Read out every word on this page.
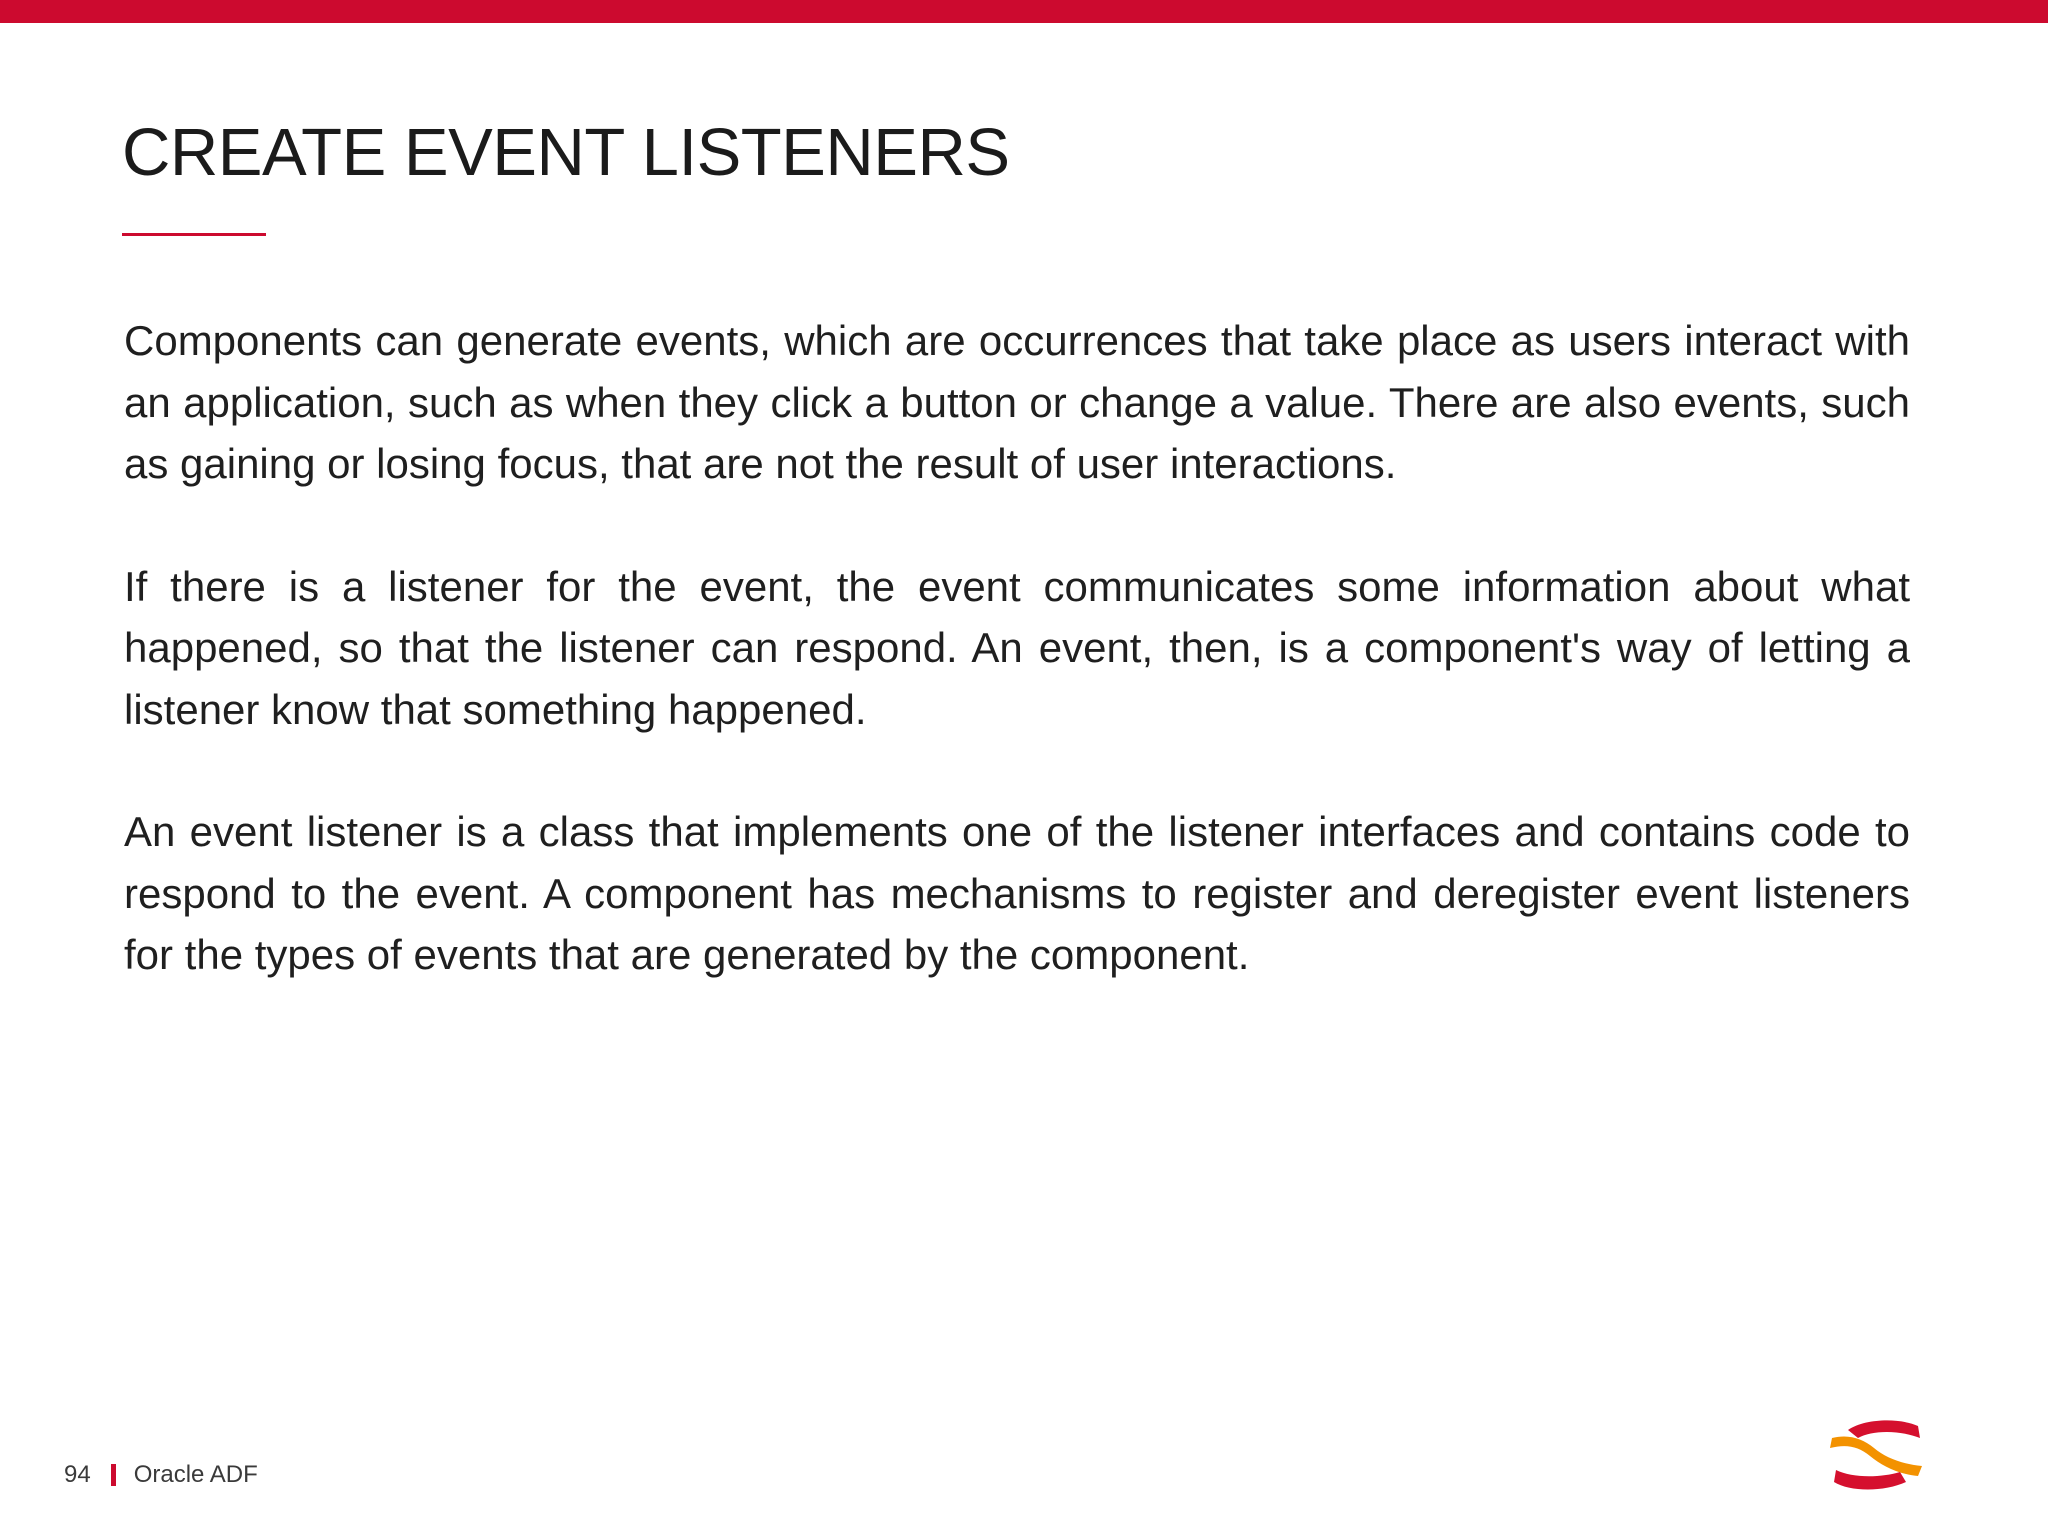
CREATE EVENT LISTENERS

Components can generate events, which are occurrences that take place as users interact with an application, such as when they click a button or change a value. There are also events, such as gaining or losing focus, that are not the result of user interactions.

If there is a listener for the event, the event communicates some information about what happened, so that the listener can respond. An event, then, is a component's way of letting a listener know that something happened.

An event listener is a class that implements one of the listener interfaces and contains code to respond to the event. A component has mechanisms to register and deregister event listeners for the types of events that are generated by the component.

94 Oracle ADF
